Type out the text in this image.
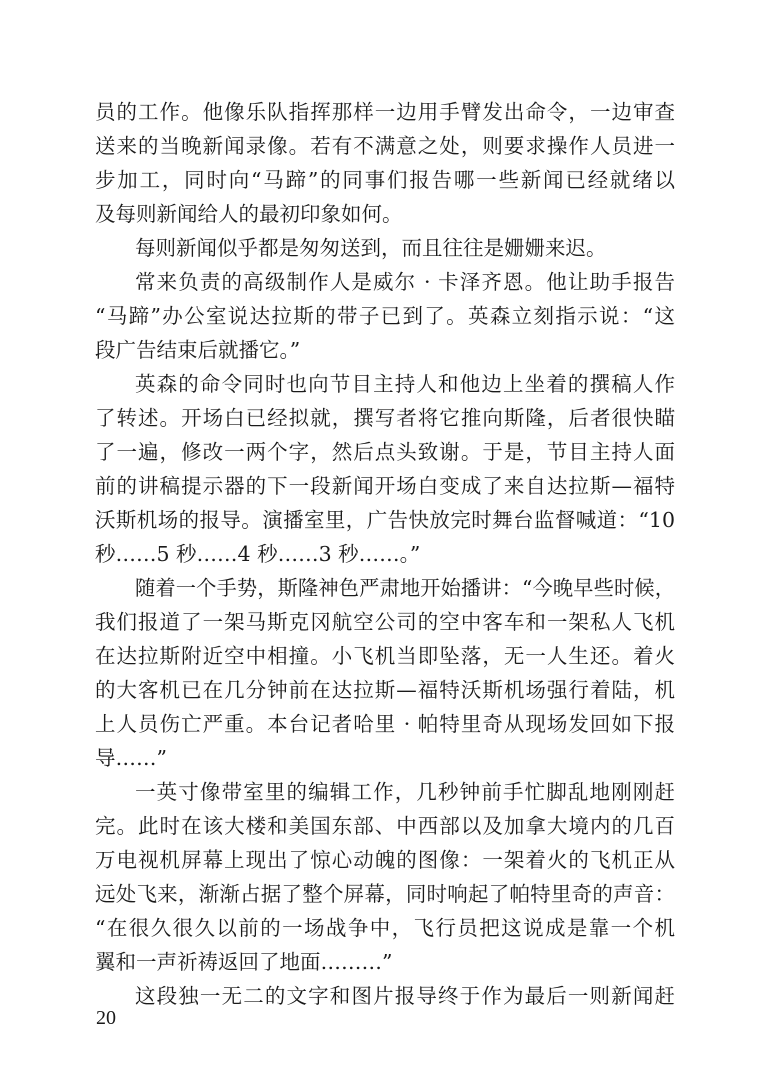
员的工作。他像乐队指挥那样一边用手臂发出命令，一边审查
送来的当晚新闻录像。若有不满意之处，则要求操作人员进一
步加工，同时向“马蹄”的同事们报告哪一些新闻已经就绪以
及每则新闻给人的最初印象如何。
每则新闻似乎都是匆匆送到，而且往往是姗姗来迟。
常来负责的高级制作人是威尔 · 卡泽齐恩。他让助手报告
“马蹄”办公室说达拉斯的带子已到了。英森立刻指示说：“这
段广告结束后就播它。”
英森的命令同时也向节目主持人和他边上坐着的撰稿人作
了转述。开场白已经拟就，撰写者将它推向斯隆，后者很快瞄
了一遍，修改一两个字，然后点头致谢。于是，节目主持人面
前的讲稿提示器的下一段新闻开场白变成了来自达拉斯—福特
沃斯机场的报导。演播室里，广告快放完时舞台监督喊道：“10
秒……5 秒……4 秒……3 秒……。”
随着一个手势，斯隆神色严肃地开始播讲：“今晚早些时候，
我们报道了一架马斯克冈航空公司的空中客车和一架私人飞机
在达拉斯附近空中相撞。小飞机当即坠落，无一人生还。着火
的大客机已在几分钟前在达拉斯—福特沃斯机场强行着陆，机
上人员伤亡严重。本台记者哈里 · 帕特里奇从现场发回如下报
导……”
一英寸像带室里的编辑工作，几秒钟前手忙脚乱地刚刚赶
完。此时在该大楼和美国东部、中西部以及加拿大境内的几百
万电视机屏幕上现出了惊心动魄的图像：一架着火的飞机正从
远处飞来，渐渐占据了整个屏幕，同时响起了帕特里奇的声音：
“在很久很久以前的一场战争中，飞行员把这说成是靠一个机
翼和一声祈祷返回了地面………”
这段独一无二的文字和图片报导终于作为最后一则新闻赶
20
